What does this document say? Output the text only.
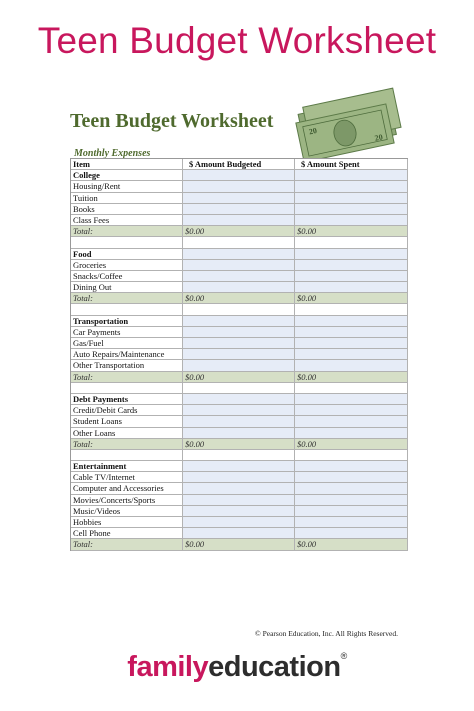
Teen Budget Worksheet
Teen Budget Worksheet	20
20
Monthly Expenses
Item	$ Amount Budgeted	$ Amount Spent
College
Housing/Rent
Tuition
Books
Class Fees
Total:	$0.00	$0.00
Food
Groceries
Snacks/Coffee
Dining Out
Total:	$0.00	$0.00
Transportation
Car Payments
Gas/Fuel
Auto Repairs/Maintenance
Other Transportation
Total:	$0.00	$0.00
Debt Payments
Credit/Debit Cards
Student Loans
Other Loans
Total:	$0.00	$0.00
Entertainment
Cable TV/Internet
Computer and Accessories
Movies/Concerts/Sports
Music/Videos
Hobbies
Cell Phone
Total:	$0.00	$0.00
© Pearson Education, Inc. All Rights Reserved.
familyeducation®
